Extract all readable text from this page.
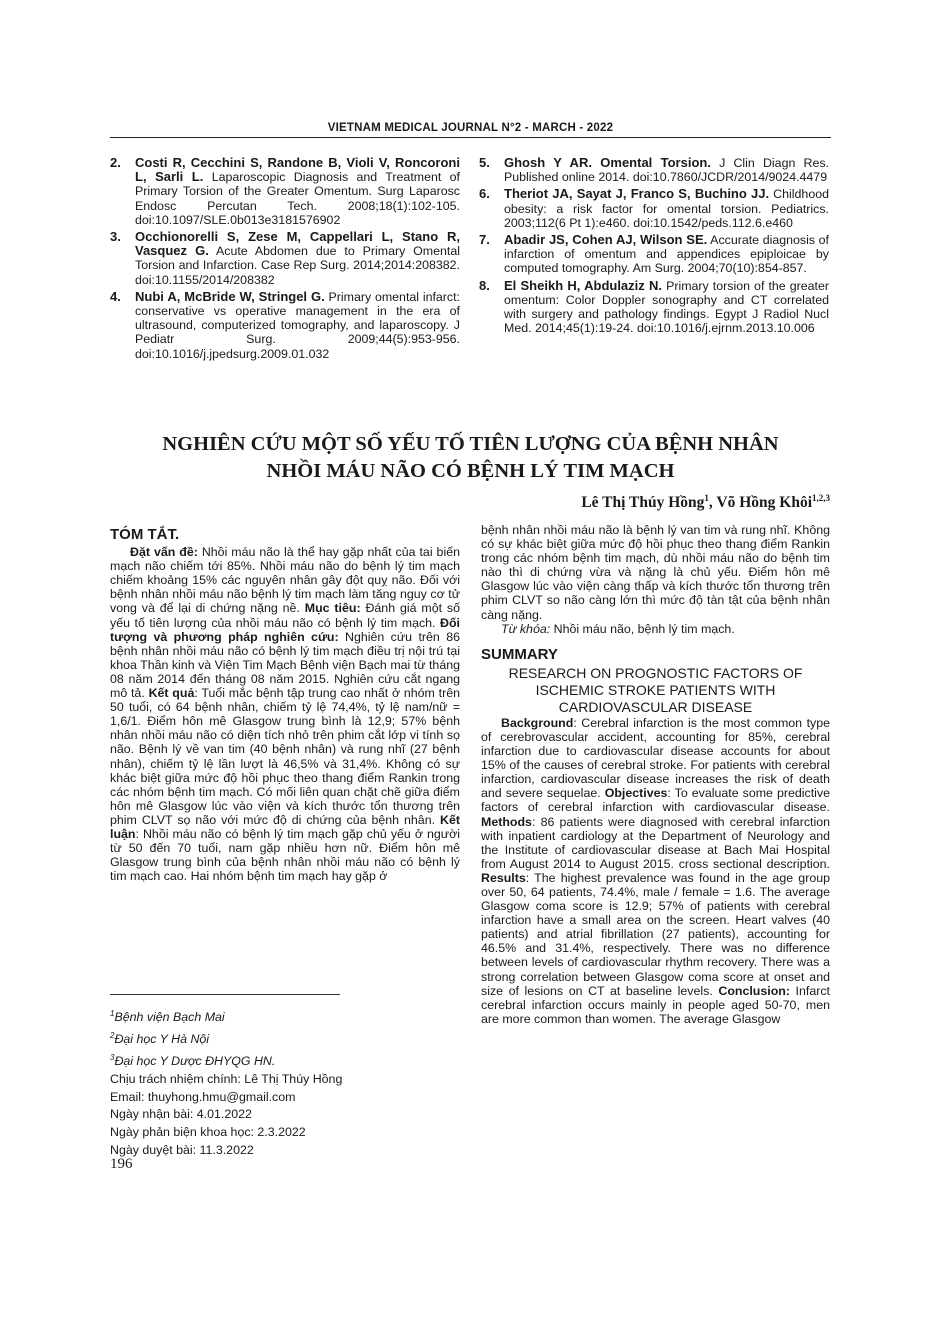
VIETNAM MEDICAL JOURNAL N°2 - MARCH - 2022
2. Costi R, Cecchini S, Randone B, Violi V, Roncoroni L, Sarli L. Laparoscopic Diagnosis and Treatment of Primary Torsion of the Greater Omentum. Surg Laparosc Endosc Percutan Tech. 2008;18(1):102-105. doi:10.1097/SLE.0b013e3181576902
3. Occhionorelli S, Zese M, Cappellari L, Stano R, Vasquez G. Acute Abdomen due to Primary Omental Torsion and Infarction. Case Rep Surg. 2014;2014:208382. doi:10.1155/2014/208382
4. Nubi A, McBride W, Stringel G. Primary omental infarct: conservative vs operative management in the era of ultrasound, computerized tomography, and laparoscopy. J Pediatr Surg. 2009;44(5):953-956. doi:10.1016/j.jpedsurg.2009.01.032
5. Ghosh Y AR. Omental Torsion. J Clin Diagn Res. Published online 2014. doi:10.7860/JCDR/2014/9024.4479
6. Theriot JA, Sayat J, Franco S, Buchino JJ. Childhood obesity: a risk factor for omental torsion. Pediatrics. 2003;112(6 Pt 1):e460. doi:10.1542/peds.112.6.e460
7. Abadir JS, Cohen AJ, Wilson SE. Accurate diagnosis of infarction of omentum and appendices epiploicae by computed tomography. Am Surg. 2004;70(10):854-857.
8. El Sheikh H, Abdulaziz N. Primary torsion of the greater omentum: Color Doppler sonography and CT correlated with surgery and pathology findings. Egypt J Radiol Nucl Med. 2014;45(1):19-24. doi:10.1016/j.ejrnm.2013.10.006
NGHIÊN CỨU MỘT SỐ YẾU TỐ TIÊN LƯỢNG CỦA BỆNH NHÂN
NHỒI MÁU NÃO CÓ BỆNH LÝ TIM MẠCH
Lê Thị Thúy Hồng$^1$, Võ Hồng Khôi$^{1,2,3}$
TÓM TẮT.

Đặt vấn đề: Nhồi máu não là thể hay gặp nhất của tai biến mạch não chiếm tới 85%. Nhồi máu não do bệnh lý tim mạch chiếm khoảng 15% các nguyên nhân gây đột quỵ não. Đối với bệnh nhân nhồi máu não bệnh lý tim mạch làm tăng nguy cơ tử vong và để lại di chứng nặng nề. Mục tiêu: Đánh giá một số yếu tố tiên lượng của nhồi máu não có bệnh lý tim mạch. Đối tượng và phương pháp nghiên cứu: Nghiên cứu trên 86 bệnh nhân nhồi máu não có bệnh lý tim mạch điều trị nội trú tại khoa Thần kinh và Viện Tim Mạch Bệnh viện Bạch mai từ tháng 08 năm 2014 đến tháng 08 năm 2015. Nghiên cứu cắt ngang mô tả. Kết quả: Tuổi mắc bệnh tập trung cao nhất ở nhóm trên 50 tuổi, có 64 bệnh nhân, chiếm tỷ lệ 74,4%, tỷ lệ nam/nữ = 1,6/1. Điểm hôn mê Glasgow trung bình là 12,9; 57% bệnh nhân nhồi máu não có diện tích nhỏ trên phim cắt lớp vi tính sọ não. Bệnh lý về van tim (40 bệnh nhân) và rung nhĩ (27 bệnh nhân), chiếm tỷ lệ lần lượt là 46,5% và 31,4%. Không có sự khác biệt giữa mức độ hồi phục theo thang điểm Rankin trong các nhóm bệnh tim mạch. Có mối liên quan chặt chẽ giữa điểm hôn mê Glasgow lúc vào viện và kích thước tổn thương trên phim CLVT sọ não với mức độ di chứng của bệnh nhân. Kết luận: Nhồi máu não có bệnh lý tim mạch gặp chủ yếu ở người từ 50 đến 70 tuổi, nam gặp nhiều hơn nữ. Điểm hôn mê Glasgow trung bình của bệnh nhân nhồi máu não có bệnh lý tim mạch cao. Hai nhóm bệnh tim mạch hay gặp ở

bệnh nhân nhồi máu não là bệnh lý van tim và rung nhĩ. Không có sự khác biệt giữa mức độ hồi phục theo thang điểm Rankin trong các nhóm bệnh tim mạch, dù nhồi máu não do bệnh tim nào thì di chứng vừa và nặng là chủ yếu. Điểm hôn mê Glasgow lúc vào viện càng thấp và kích thước tổn thương trên phim CLVT so não càng lớn thì mức độ tàn tật của bệnh nhân càng nặng.

Từ khóa: Nhồi máu não, bệnh lý tim mạch.

SUMMARY
RESEARCH ON PROGNOSTIC FACTORS OF ISCHEMIC STROKE PATIENTS WITH CARDIOVASCULAR DISEASE

Background: Cerebral infarction is the most common type of cerebrovascular accident, accounting for 85%, cerebral infarction due to cardiovascular disease accounts for about 15% of the causes of cerebral stroke. For patients with cerebral infarction, cardiovascular disease increases the risk of death and severe sequelae. Objectives: To evaluate some predictive factors of cerebral infarction with cardiovascular disease. Methods: 86 patients were diagnosed with cerebral infarction with inpatient cardiology at the Department of Neurology and the Institute of cardiovascular disease at Bach Mai Hospital from August 2014 to August 2015. cross sectional description. Results: The highest prevalence was found in the age group over 50, 64 patients, 74.4%, male / female = 1.6. The average Glasgow coma score is 12.9; 57% of patients with cerebral infarction have a small area on the screen. Heart valves (40 patients) and atrial fibrillation (27 patients), accounting for 46.5% and 31.4%, respectively. There was no difference between levels of cardiovascular rhythm recovery. There was a strong correlation between Glasgow coma score at onset and size of lesions on CT at baseline levels. Conclusion: Infarct cerebral infarction occurs mainly in people aged 50-70, men are more common than women. The average Glasgow

$^1$Bệnh viện Bạch Mai
$^2$Đại học Y Hà Nội
$^3$Đại học Y Dược ĐHYQG HN.
Chịu trách nhiệm chính: Lê Thị Thúy Hồng
Email: thuyhong.hmu@gmail.com
Ngày nhận bài: 4.01.2022
Ngày phản biện khoa học: 2.3.2022
Ngày duyệt bài: 11.3.2022
196
